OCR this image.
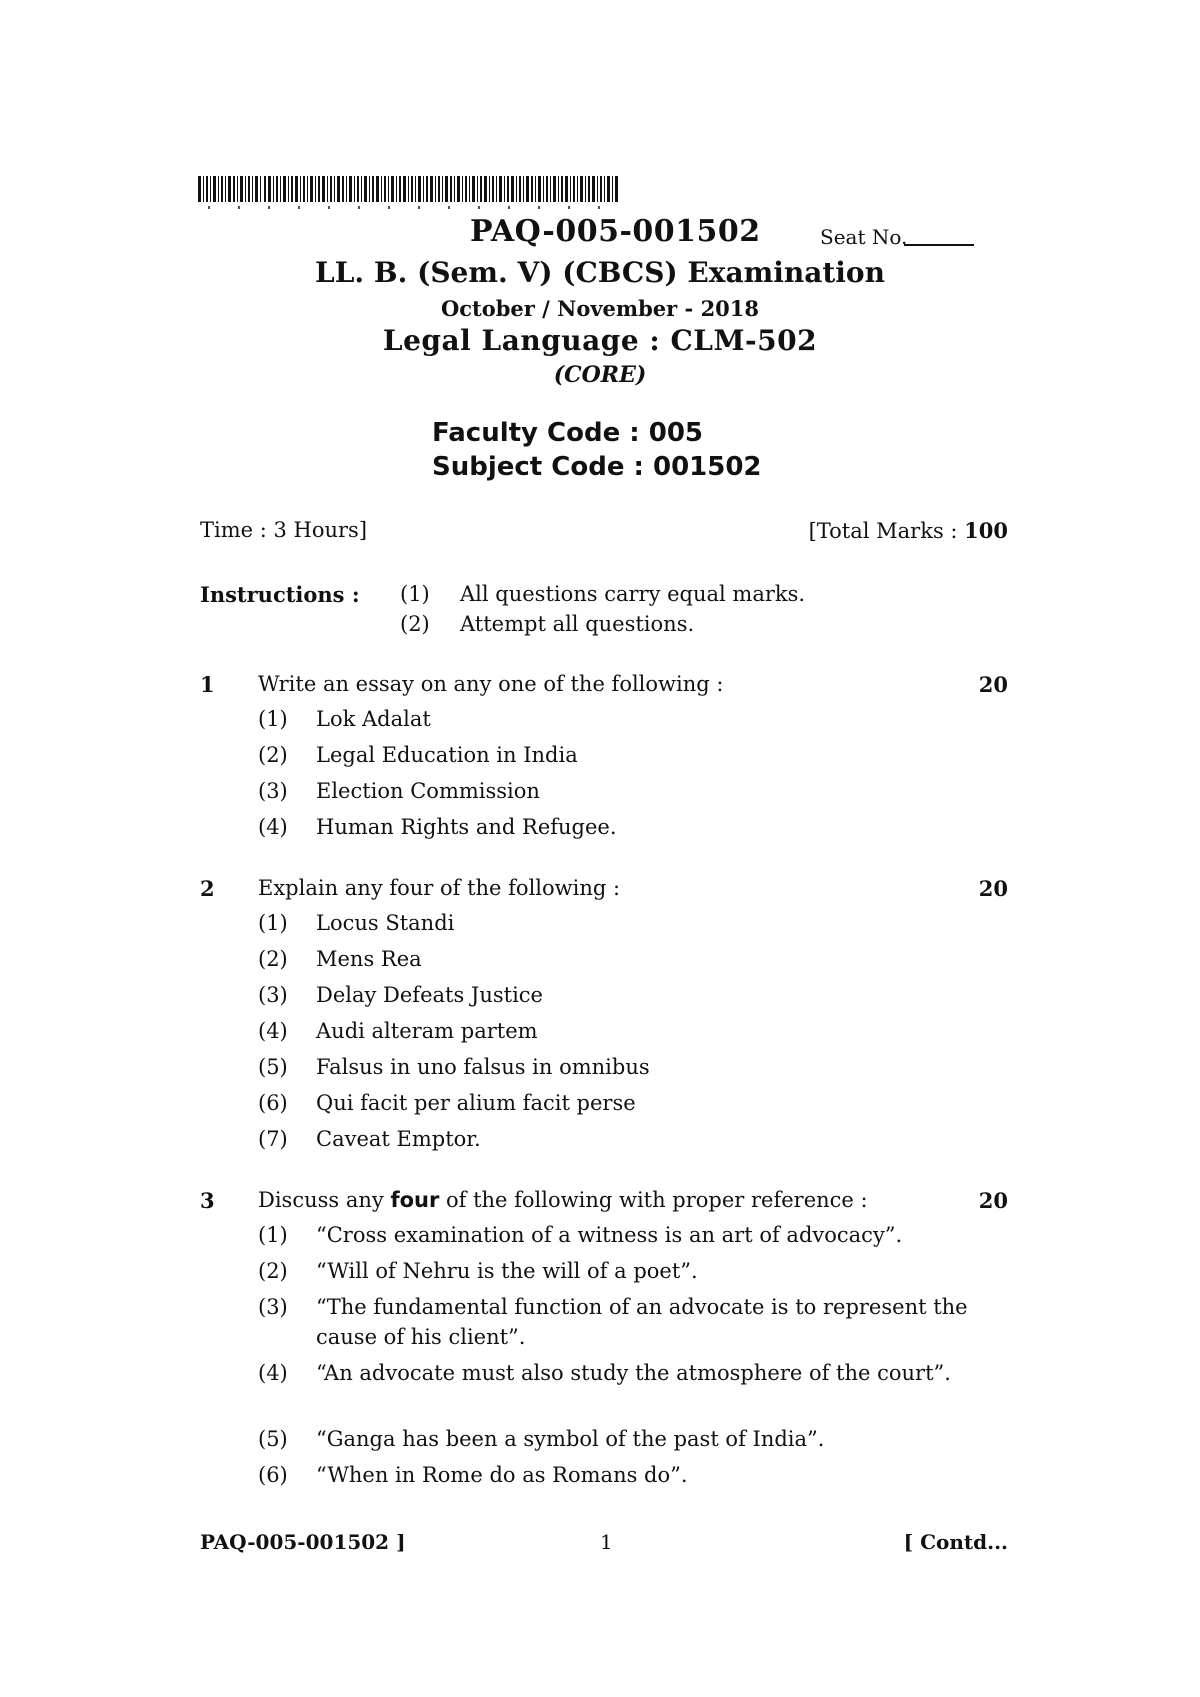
PAQ-005-001502	Seat No.
LL. B. (Sem. V) (CBCS) Examination
October / November - 2018
Legal Language : CLM-502
(CORE)
Faculty Code : 005
Subject Code : 001502
Time : 3 Hours]	[Total Marks : 100
Instructions : (1) All questions carry equal marks.
(2) Attempt all questions.
1 Write an essay on any one of the following :	20
(1) Lok Adalat
(2) Legal Education in India
(3) Election Commission
(4) Human Rights and Refugee.
2 Explain any four of the following :	20
(1) Locus Standi
(2) Mens Rea
(3) Delay Defeats Justice
(4) Audi alteram partem
(5) Falsus in uno falsus in omnibus
(6) Qui facit per alium facit perse
(7) Caveat Emptor.
3 Discuss any four of the following with proper reference :	20
(1) “Cross examination of a witness is an art of advocacy”.
(2) “Will of Nehru is the will of a poet”.
(3) “The fundamental function of an advocate is to represent the cause of his client”.
(4) “An advocate must also study the atmosphere of the court”.
(5) “Ganga has been a symbol of the past of India”.
(6) “When in Rome do as Romans do”.
PAQ-005-001502 ]	1	[ Contd...
